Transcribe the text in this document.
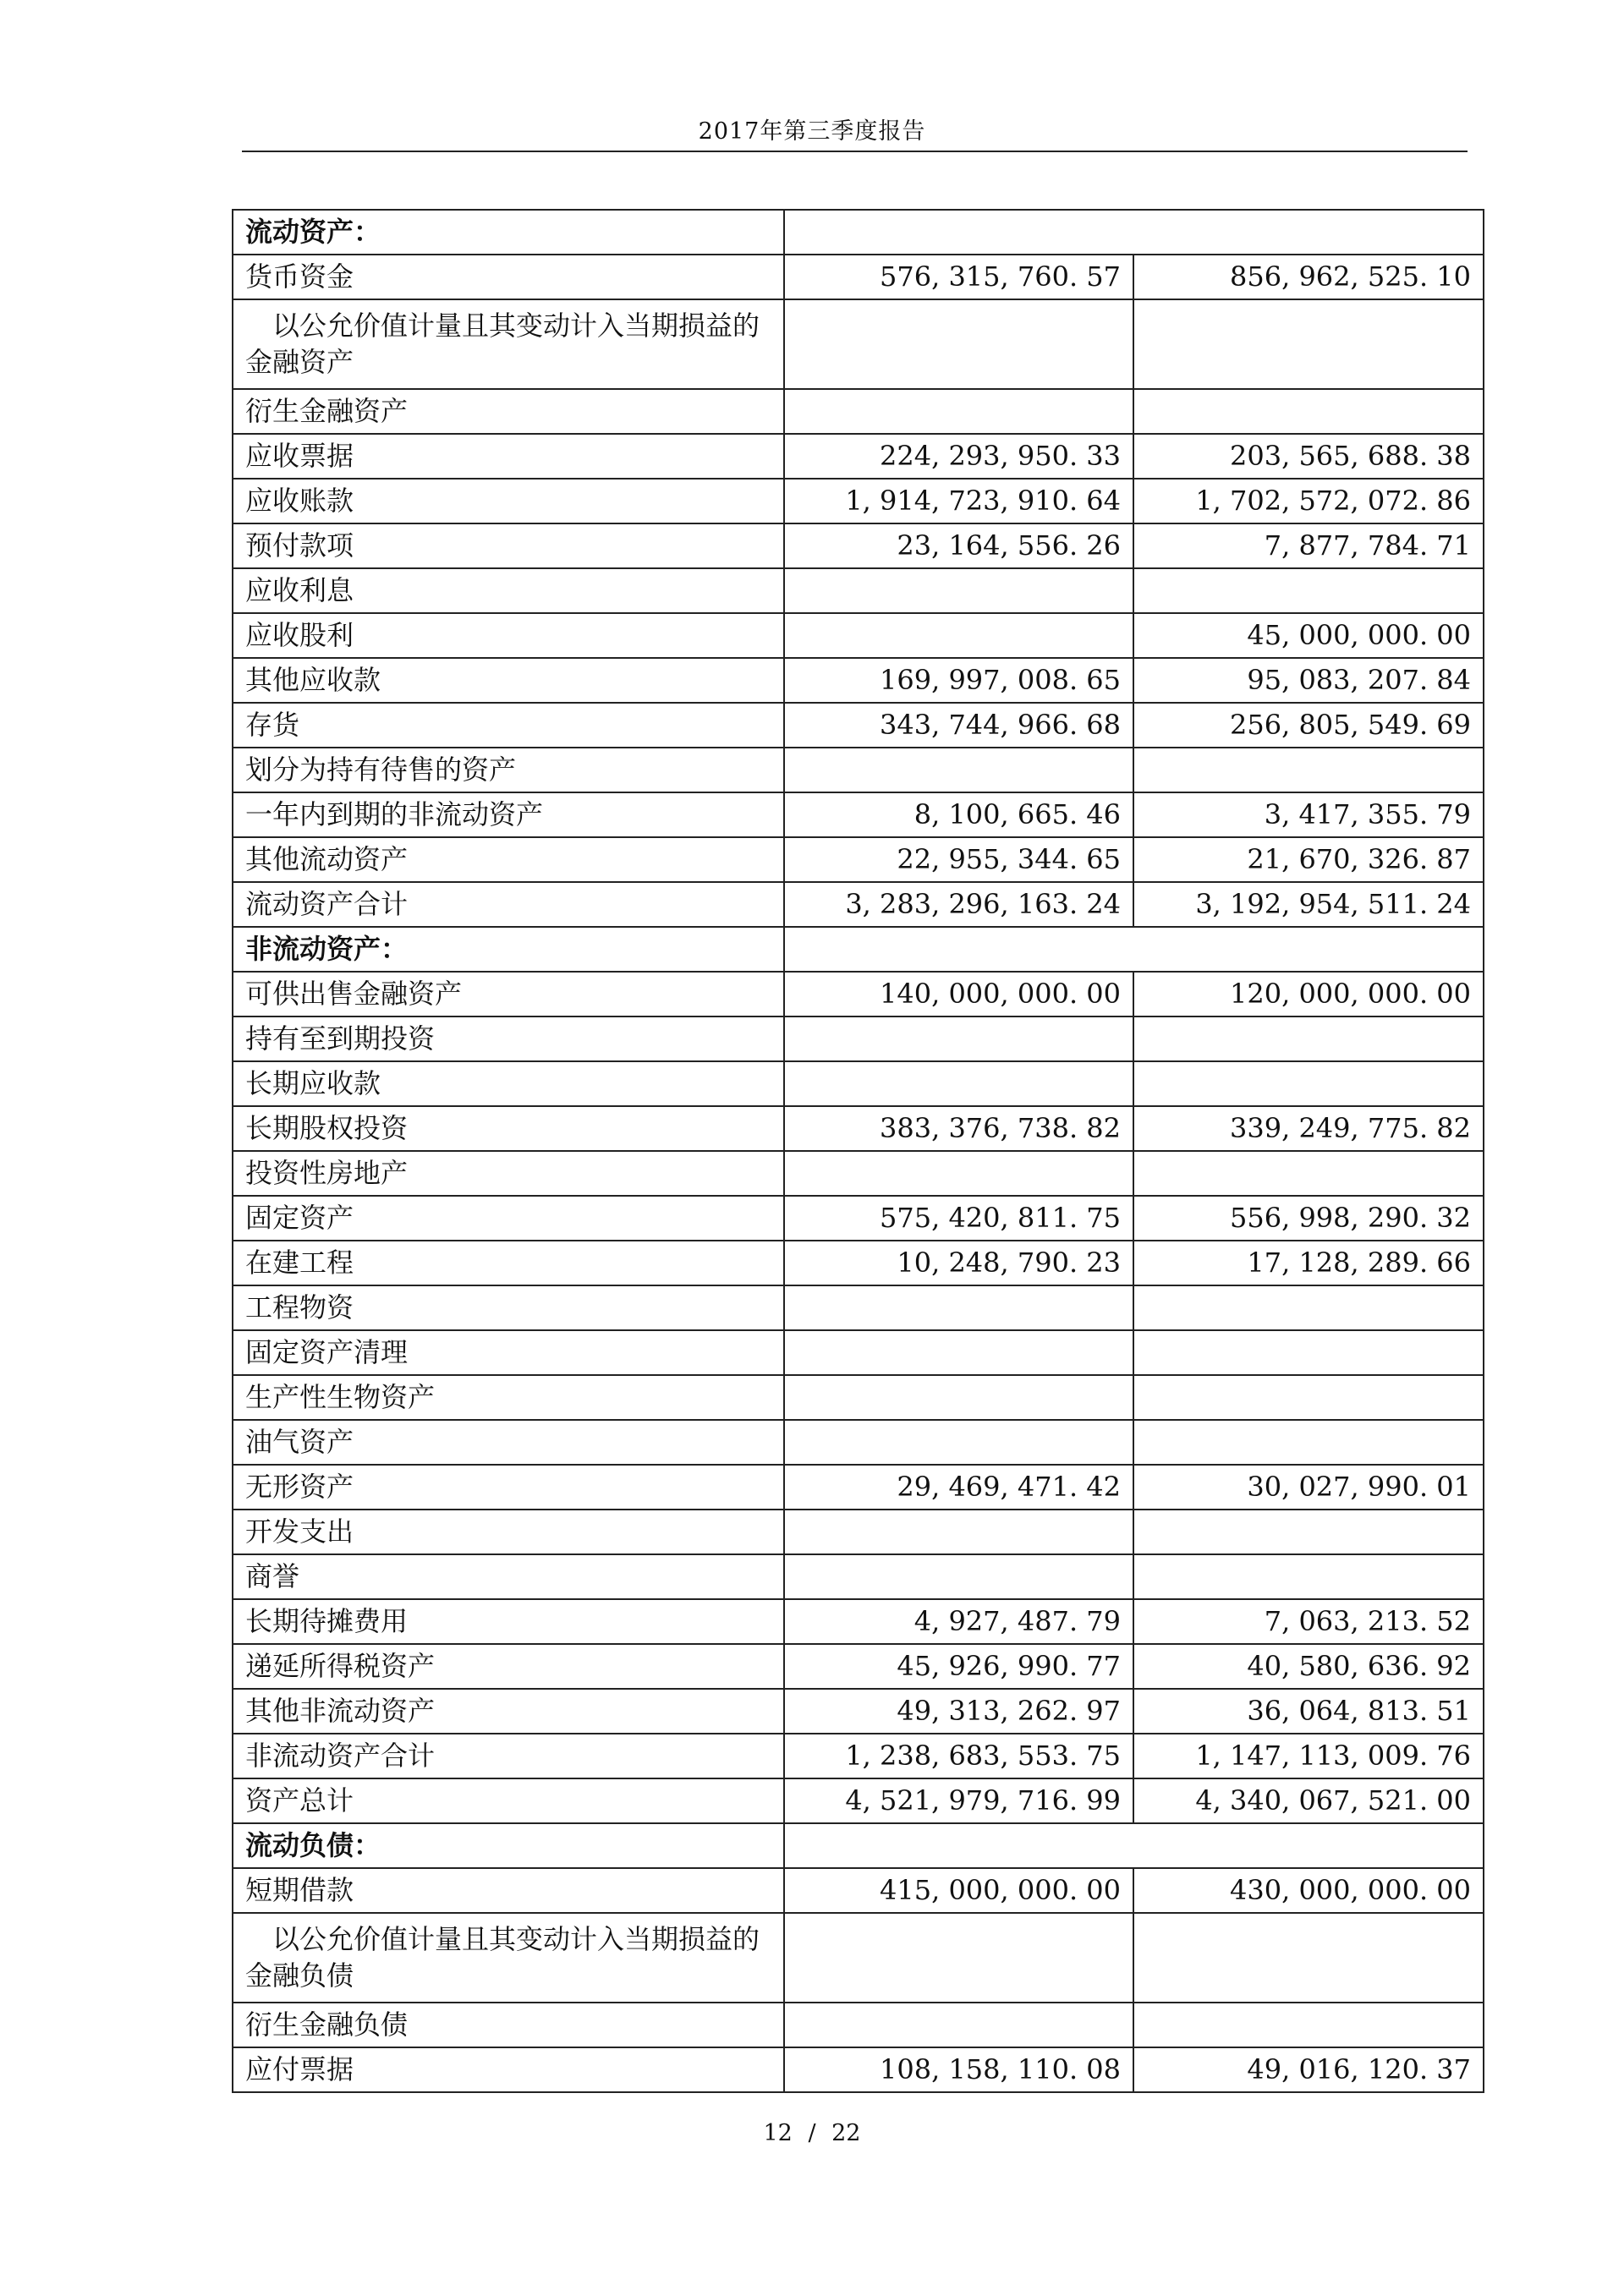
2017年第三季度报告
流动资产：		
货币资金	576, 315, 760. 57	856, 962, 525. 10
以公允价值计量且其变动计入当期损益的金融资产		
衍生金融资产		
应收票据	224, 293, 950. 33	203, 565, 688. 38
应收账款	1, 914, 723, 910. 64	1, 702, 572, 072. 86
预付款项	23, 164, 556. 26	7, 877, 784. 71
应收利息		
应收股利		45, 000, 000. 00
其他应收款	169, 997, 008. 65	95, 083, 207. 84
存货	343, 744, 966. 68	256, 805, 549. 69
划分为持有待售的资产		
一年内到期的非流动资产	8, 100, 665. 46	3, 417, 355. 79
其他流动资产	22, 955, 344. 65	21, 670, 326. 87
流动资产合计	3, 283, 296, 163. 24	3, 192, 954, 511. 24
非流动资产：		
可供出售金融资产	140, 000, 000. 00	120, 000, 000. 00
持有至到期投资		
长期应收款		
长期股权投资	383, 376, 738. 82	339, 249, 775. 82
投资性房地产		
固定资产	575, 420, 811. 75	556, 998, 290. 32
在建工程	10, 248, 790. 23	17, 128, 289. 66
工程物资		
固定资产清理		
生产性生物资产		
油气资产		
无形资产	29, 469, 471. 42	30, 027, 990. 01
开发支出		
商誉		
长期待摊费用	4, 927, 487. 79	7, 063, 213. 52
递延所得税资产	45, 926, 990. 77	40, 580, 636. 92
其他非流动资产	49, 313, 262. 97	36, 064, 813. 51
非流动资产合计	1, 238, 683, 553. 75	1, 147, 113, 009. 76
资产总计	4, 521, 979, 716. 99	4, 340, 067, 521. 00
流动负债：		
短期借款	415, 000, 000. 00	430, 000, 000. 00
以公允价值计量且其变动计入当期损益的金融负债		
衍生金融负债		
应付票据	108, 158, 110. 08	49, 016, 120. 37
12 / 22
